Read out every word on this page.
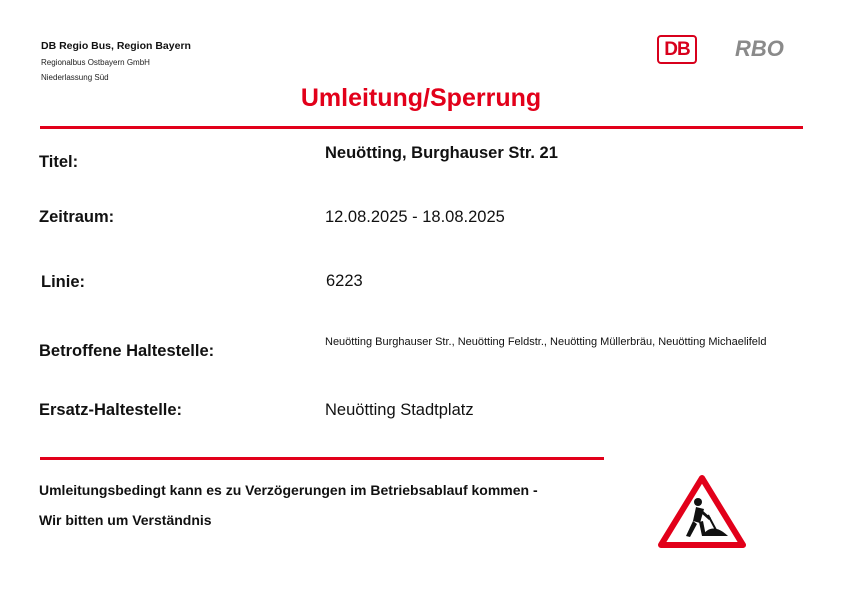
DB Regio Bus, Region Bayern
Regionalbus Ostbayern GmbH
Niederlassung Süd
DB	RBO
Umleitung/Sperrung
Titel:	Neuötting, Burghauser Str. 21
Zeitraum:	12.08.2025 - 18.08.2025
Linie:	6223
Betroffene Haltestelle:	Neuötting Burghauser Str., Neuötting Feldstr., Neuötting Müllerbräu, Neuötting Michaelifeld
Ersatz-Haltestelle:	Neuötting Stadtplatz
Umleitungsbedingt kann es zu Verzögerungen im Betriebsablauf kommen -
Wir bitten um Verständnis
